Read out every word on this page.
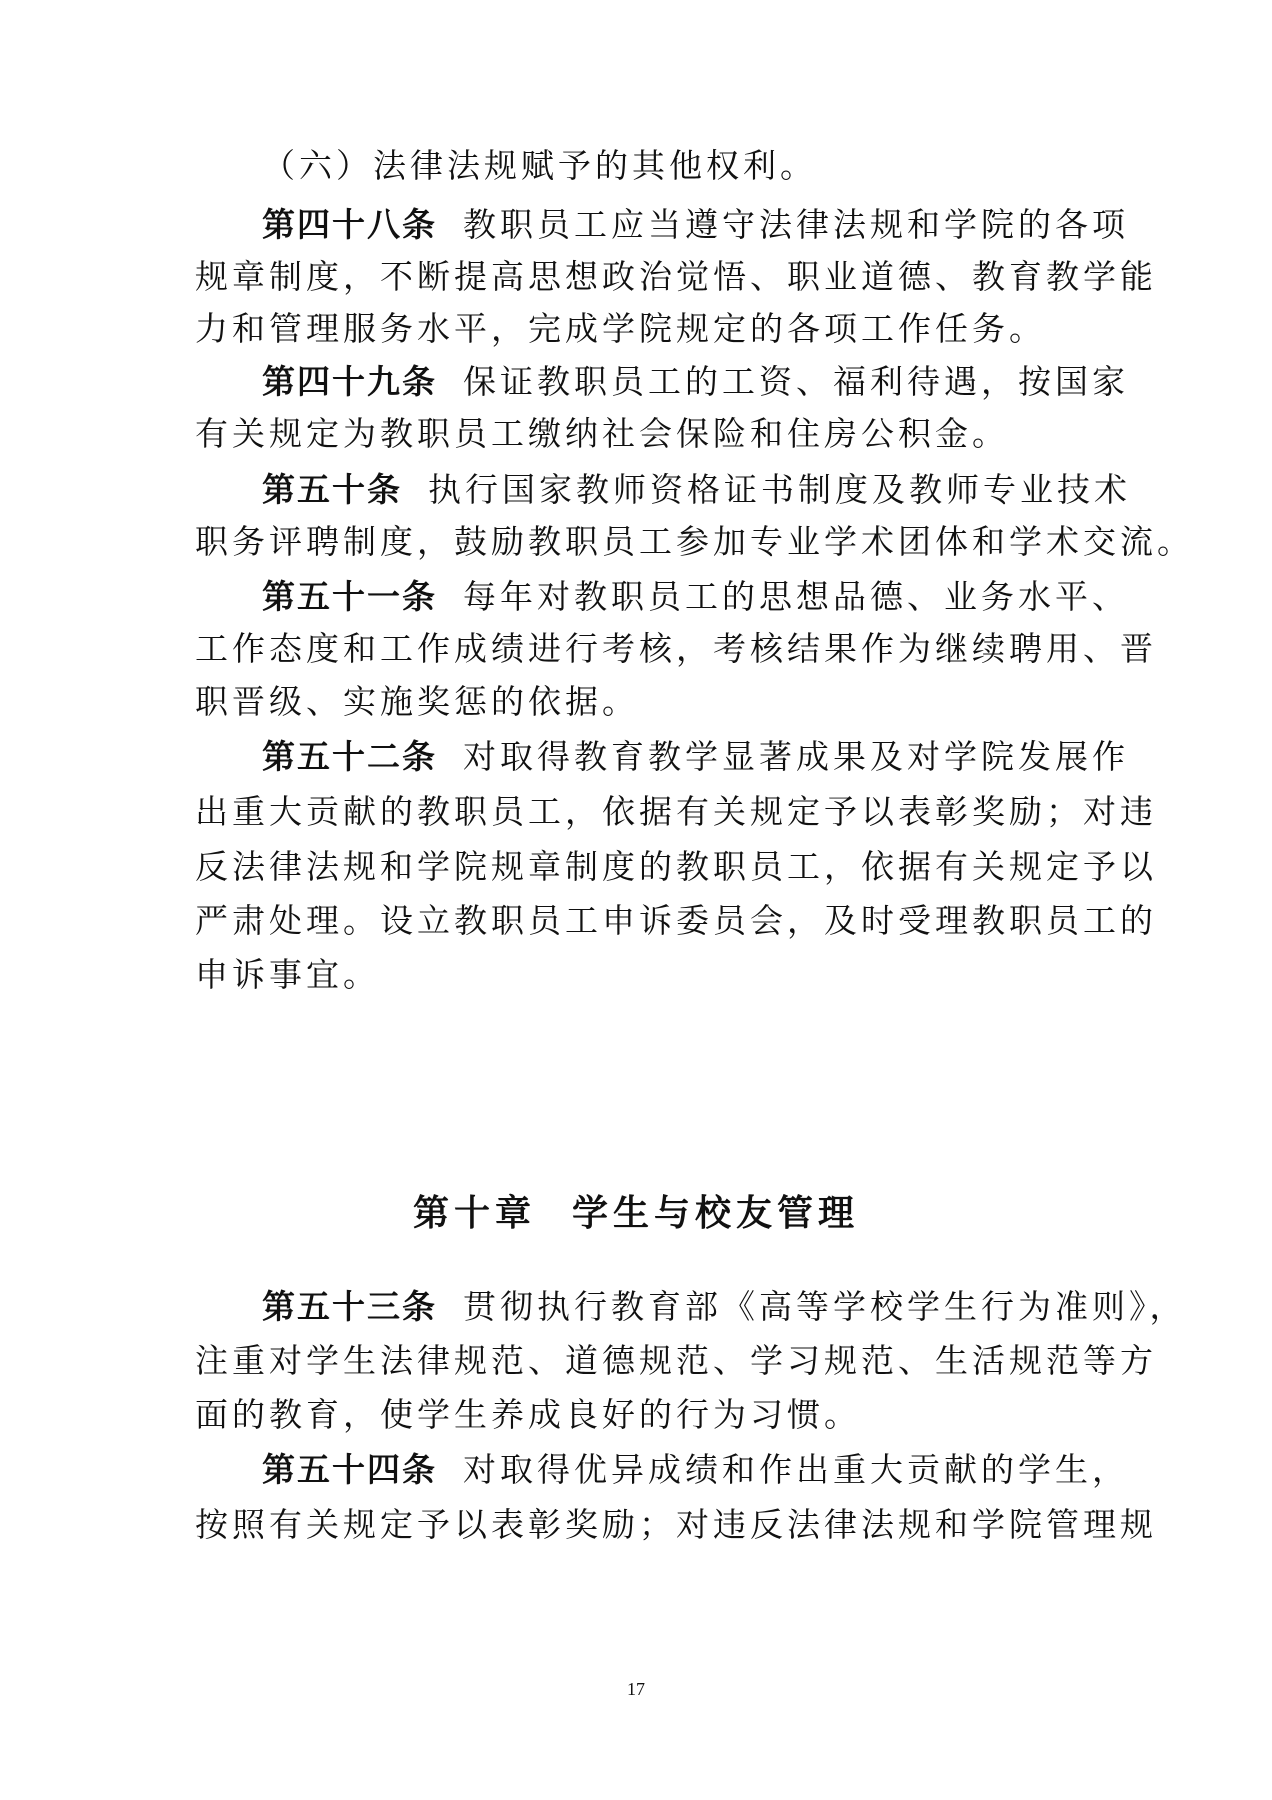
（六）法律法规赋予的其他权利。
第四十八条 教职员工应当遵守法律法规和学院的各项
规章制度，不断提高思想政治觉悟、职业道德、教育教学能
力和管理服务水平，完成学院规定的各项工作任务。
第四十九条 保证教职员工的工资、福利待遇，按国家
有关规定为教职员工缴纳社会保险和住房公积金。
第五十条 执行国家教师资格证书制度及教师专业技术
职务评聘制度，鼓励教职员工参加专业学术团体和学术交流。
第五十一条 每年对教职员工的思想品德、业务水平、
工作态度和工作成绩进行考核，考核结果作为继续聘用、晋
职晋级、实施奖惩的依据。
第五十二条 对取得教育教学显著成果及对学院发展作
出重大贡献的教职员工，依据有关规定予以表彰奖励；对违
反法律法规和学院规章制度的教职员工，依据有关规定予以
严肃处理。设立教职员工申诉委员会，及时受理教职员工的
申诉事宜。
第十章 学生与校友管理
第五十三条 贯彻执行教育部《高等学校学生行为准则》，
注重对学生法律规范、道德规范、学习规范、生活规范等方
面的教育，使学生养成良好的行为习惯。
第五十四条 对取得优异成绩和作出重大贡献的学生，
按照有关规定予以表彰奖励；对违反法律法规和学院管理规
17
